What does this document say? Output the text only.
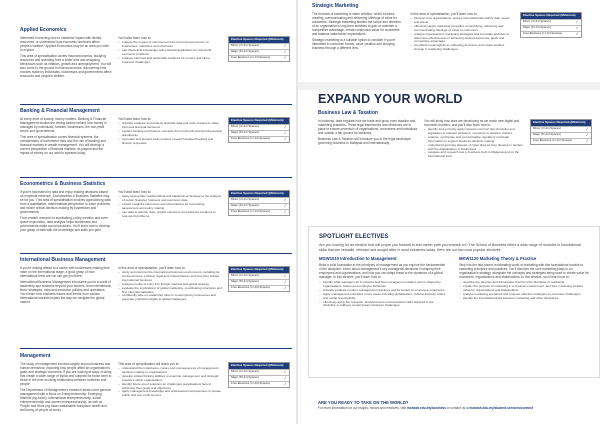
Applied Economics

Interested in learning how to maximise impact with limited resources, or understand how economic decisions affect people's welfare? Applied Economics may be an area you wish to explore.

This area of specialisation covers macroeconomics, studying resources and spending from a wider lens and analysing behaviours such as inflation, growth and unemployment. You will also come to the ground in microeconomics, discovering how choices made by individuals, businesses and governments affect resources and people's welfare.

You'll also learn how to:

– analyse the impact of macroeconomics and microeconomics on businesses, industries and structures
– pair theoretical knowledge with practical application for real-world economic problems
– produce informed and actionable solutions for current and future business challenges.
Elective Spaces Required (Minimum)
Minor (4 Unit Spaces)	✓
Major (8 Unit Spaces)	✓
Free Electives (1 Unit Spaces)	✓
Banking & Financial Management

At every level of society, money matters. Banking & Financial Management studies the driving factors behind how money is managed by individuals, families, businesses, the non-profit sector and governments.

This area of specialisation covers financial systems, the consideration of investment risks and the role of banking and financial markets in wealth management. You will develop a current perspective of financial markets, its players and the impact of money on our world's systems today.

You'll also learn how to:

– critically evaluate and analyse financial data and tools needed to make informed financial decisions
– explain banking and finance concepts from both technical and theoretical standpoints
– formulate and present well-rounded, research-backed banking and finance proposals.
Elective Spaces Required (Minimum)
Minor (4 Unit Spaces)	✓
Major (8 Unit Spaces)	✓
Free Electives (1 Unit Spaces)	✓
Econometrics & Business Statistics

If you're fascinated by data and enjoy making decisions based on empirical evidence, Econometrics & Business Statistics may be for you. This area of specialisation involves approaching data from a quantitative, mathematical perspective to solve problems and inform critical decision-making by businesses and governments.

From market research to stocktaking, policy creation and even space exploration, data analysis helps businesses and governments make sound decisions. You'll learn how to develop your grasp of data with the knowledge and skills you gain.

You'll also learn how to:

– apply appropriate mathematical and statistical techniques to the analysis of social, financial, business and economic data
– extract insightful inferences and observations for forecasting, assessment and policy making
– use data to identify risks, predict outcomes and advance solutions to real-world problems.
Elective Spaces Required (Minimum)
Minor (4 Unit Spaces)	✓
Major (8 Unit Spaces)	✓
Free Electives (1 Unit Spaces)	✓
International Business Management

If you're looking ahead to a career with businesses making their mark on the international stage, a good grasp of how international firms are run can get you there.

International Business Management introduces you to a world of leadership and business beyond your borders, from international firms' strategies, risks and executive policies and operations. You'll learn how business issues and trends from various international markets impact the way we navigate the global market.

In this area of specialisation, you'll learn how to:

– study and interpret the international business environment, including its socioeconomic, political, legal and cultural factors and how they impact international business
– analyse modes of entry into foreign markets and global strategy
– evaluate the implications of global marketing, coordinating structures and firm internationalisation
– confidently take on leadership roles in contemporary businesses and generate practical insights to global challenges.
Elective Spaces Required (Minimum)
Minor (4 Unit Spaces)	✓
Major (8 Unit Spaces)	✓
Free Electives (1 Unit Spaces)	✓
Management

The study of management involves largely around business and human behaviour, exploring how people affect an organisation's goals and strategic outcomes. If you are looking at ways of doing that create a wider range of topics and subjects for those keen to thrive in the ever-evolving relationship between business and people.

The Department of Management's research areas cover general management with a focus on Entrepreneurship, Emerging Markets (eg Asian), International entrepreneurship, social entrepreneurship and women entrepreneurship, as well as People and Work (eg Asian sustainable workplace health and well-being of people at work).

This area of specialisation will teach you to:

– understand the importance, nature and consequences of management decision-making in organisations
– develop critical thinking abilities to examine management and strategic practices within organisations
– identify future-proof solutions for challenges organisations face in achieving their goals and objectives
– apply management knowledge and professional competencies in private, public and non-profit sectors.
Elective Spaces Required (Minimum)
Minor (4 Unit Spaces)	✓
Major (8 Unit Spaces)	✓
Free Electives (1 Unit Spaces)	✓
Strategic Marketing

The bedrock of marketing is value creation, which involves creating, communicating and delivering offerings of value for customers. Strategic marketing studies the scope and direction of an organisation's long-term activities to gain or maintain a competitive advantage, create continuous value for customers and balance stakeholder expectations.

Strategic marketing is a suitable option to consider if you're interested in consumer trends, value creation and studying business through a different lens.

In this area of specialisation, you'll learn how to:

– interpret how organisations, groups and individuals satisfy their needs and wants
– effectively apply marketing principles in identifying, delivering and communicating offerings of value to customers
– analyse organisations' marketing strategies and formulate activities to determine effectiveness in achieving desired outcomes, goals and competitive advantage
– contribute meaningfully to marketing decisions and create positive change in marketing challenges.
Elective Spaces Required (Minimum)
Minor (4 Unit Spaces)	✓
Major (8 Unit Spaces)	✓
Free Electives (1 Unit Spaces)	✓
EXPAND YOUR WORLD
Business Law & Taxation

In business, laws regulate how we trade and grow, even taxation and marketing practices. These legal frameworks and structures are in place to ensure protection of organisations, consumers and individuals and sustain a fair ground for business.

Business Law & Taxation will introduce you to the legal landscape governing business in Malaysia and internationally.

You will study how laws are developing as we reach new digital and economic frontiers, and you'll also learn how to:

– identify and correctly apply relevant common law principles and legislation to relevant problems, scenarios or taxation matters
– analyse, synthesise and conceptualise regulatory and legal information to support business decision-making
– understand and stay abreast of cyber laws as they develop in tandem with the digitalisation of businesses
– navigate and research law in business both in Malaysia and on the international front.
Elective Spaces Required (Minimum)
Minor (4 Unit Spaces)	✓
Major (8 Unit Spaces)	✓
Free Electives (1 Unit Spaces)	✓
SPOTLIGHT ELECTIVES

Are you looking for an elective that will propel you forward in and career path you embark on? The School of Business offers a wide range of modules in foundational skills that are versatile, relevant and sought-after in most industries today. Here are our two most popular electives:

MGW1010 Introduction to Management

Build a solid foundation in the principles of management as you explore the fundamentals of the discipline. Learn about management's key managerial decisions in shaping their employees and organisations, and how you can adapt these to the dynamics of a global manager. In this elective, you'll learn how to:

– identify what managers do in practice and how management shapes and is shaped by organisations, teams and employee behaviour
– critically evaluate modern management practices and its impact on employee experience
– apply management principles in key areas including globalisation, cultural diversity, ethics and social responsibility
– effectively apply the research, analytical and communication skills required in the discipline to address contemporary business challenges.
MKW1120 Marketing Theory & Practice

Step into the fast-paced, exhilarating world of marketing with this foundational module to marketing principles and practices. You'll discover the core marketing plays in an organisation's strategy, alongside the concepts and strategies being used to create value for customers, organisations and stakeholders. In this elective, you'll learn how to:

– describe the theories and frameworks that form the discipline of marketing
– explain the purpose of marketing in a dynamic environment, and how marketing creates value for organisations and stakeholders
– analyse marketing scenarios and propose effective strategies to overcome challenges
– identify the interrelationships between marketing and other disciplines.
ARE YOU READY TO TAKE ON THE WORLD?

For more information on our majors, minors and electives, visit monash.edu.my/business or contact us at monash.edu.my/student-services/connect
